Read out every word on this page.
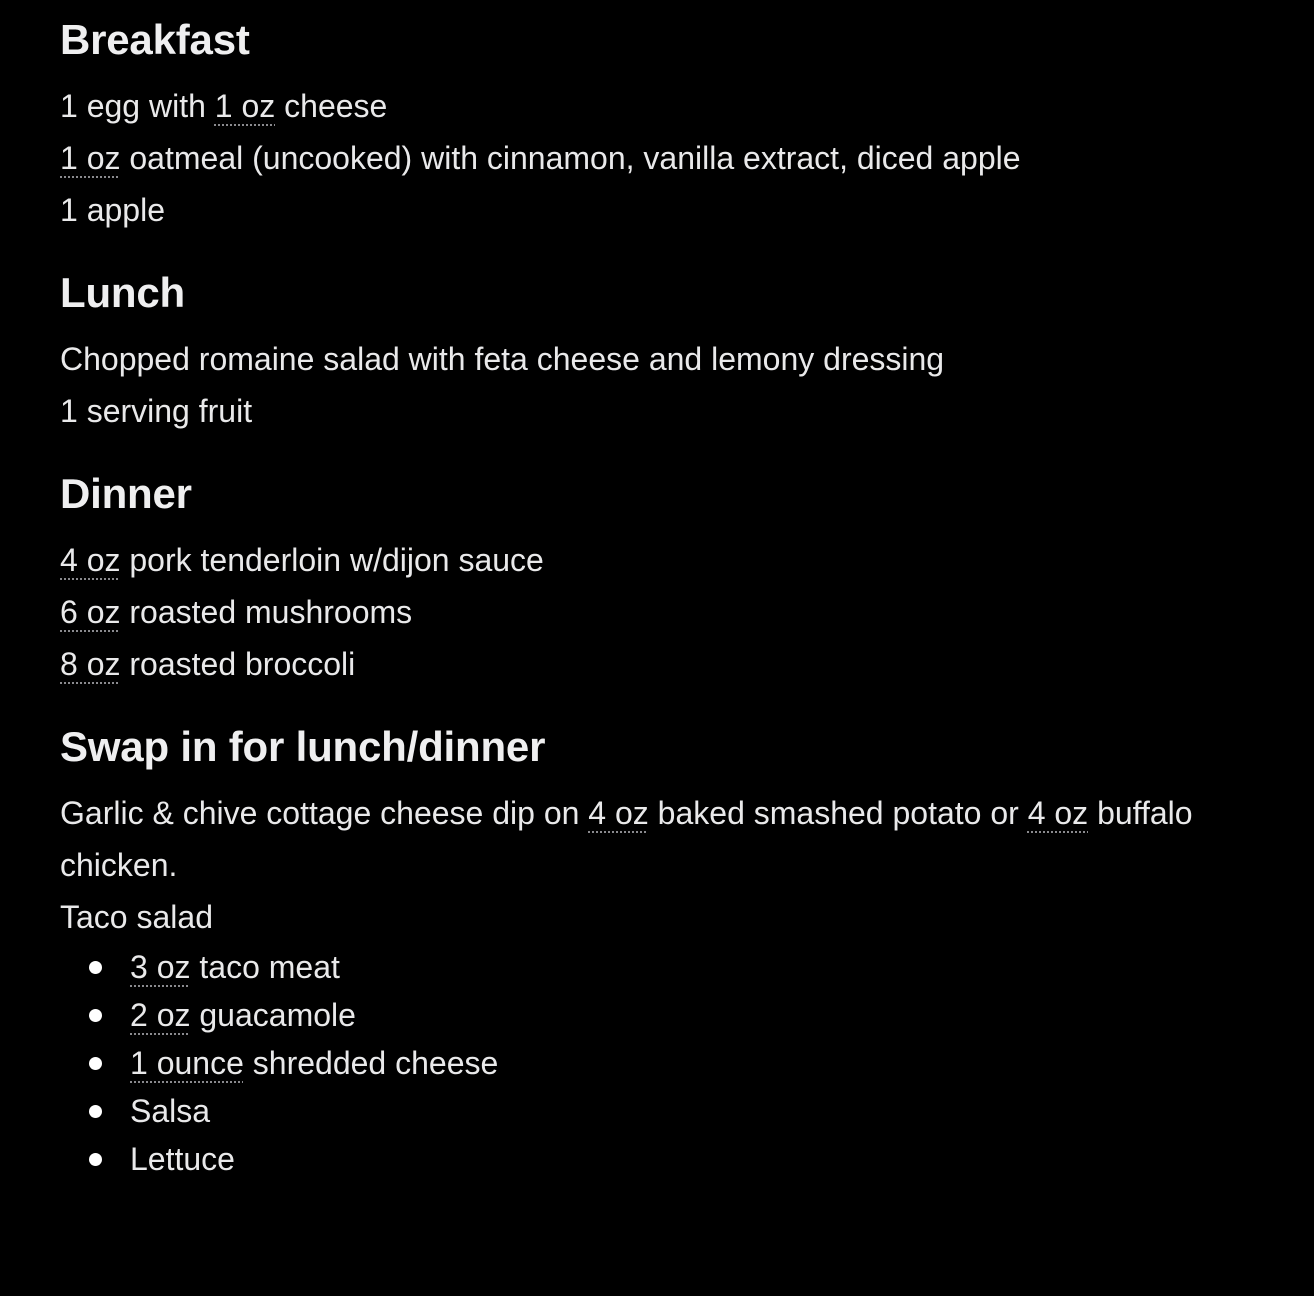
Breakfast

1 egg with 1 oz cheese

1 oz oatmeal (uncooked) with cinnamon, vanilla extract, diced apple

1 apple

Lunch

Chopped romaine salad with feta cheese and lemony dressing

1 serving fruit

Dinner

4 oz pork tenderloin w/dijon sauce

6 oz roasted mushrooms

8 oz roasted broccoli

Swap in for lunch/dinner

Garlic & chive cottage cheese dip on 4 oz baked smashed potato or 4 oz buffalo chicken.

Taco salad

3 oz taco meat
2 oz guacamole
1 ounce shredded cheese
Salsa
Lettuce
